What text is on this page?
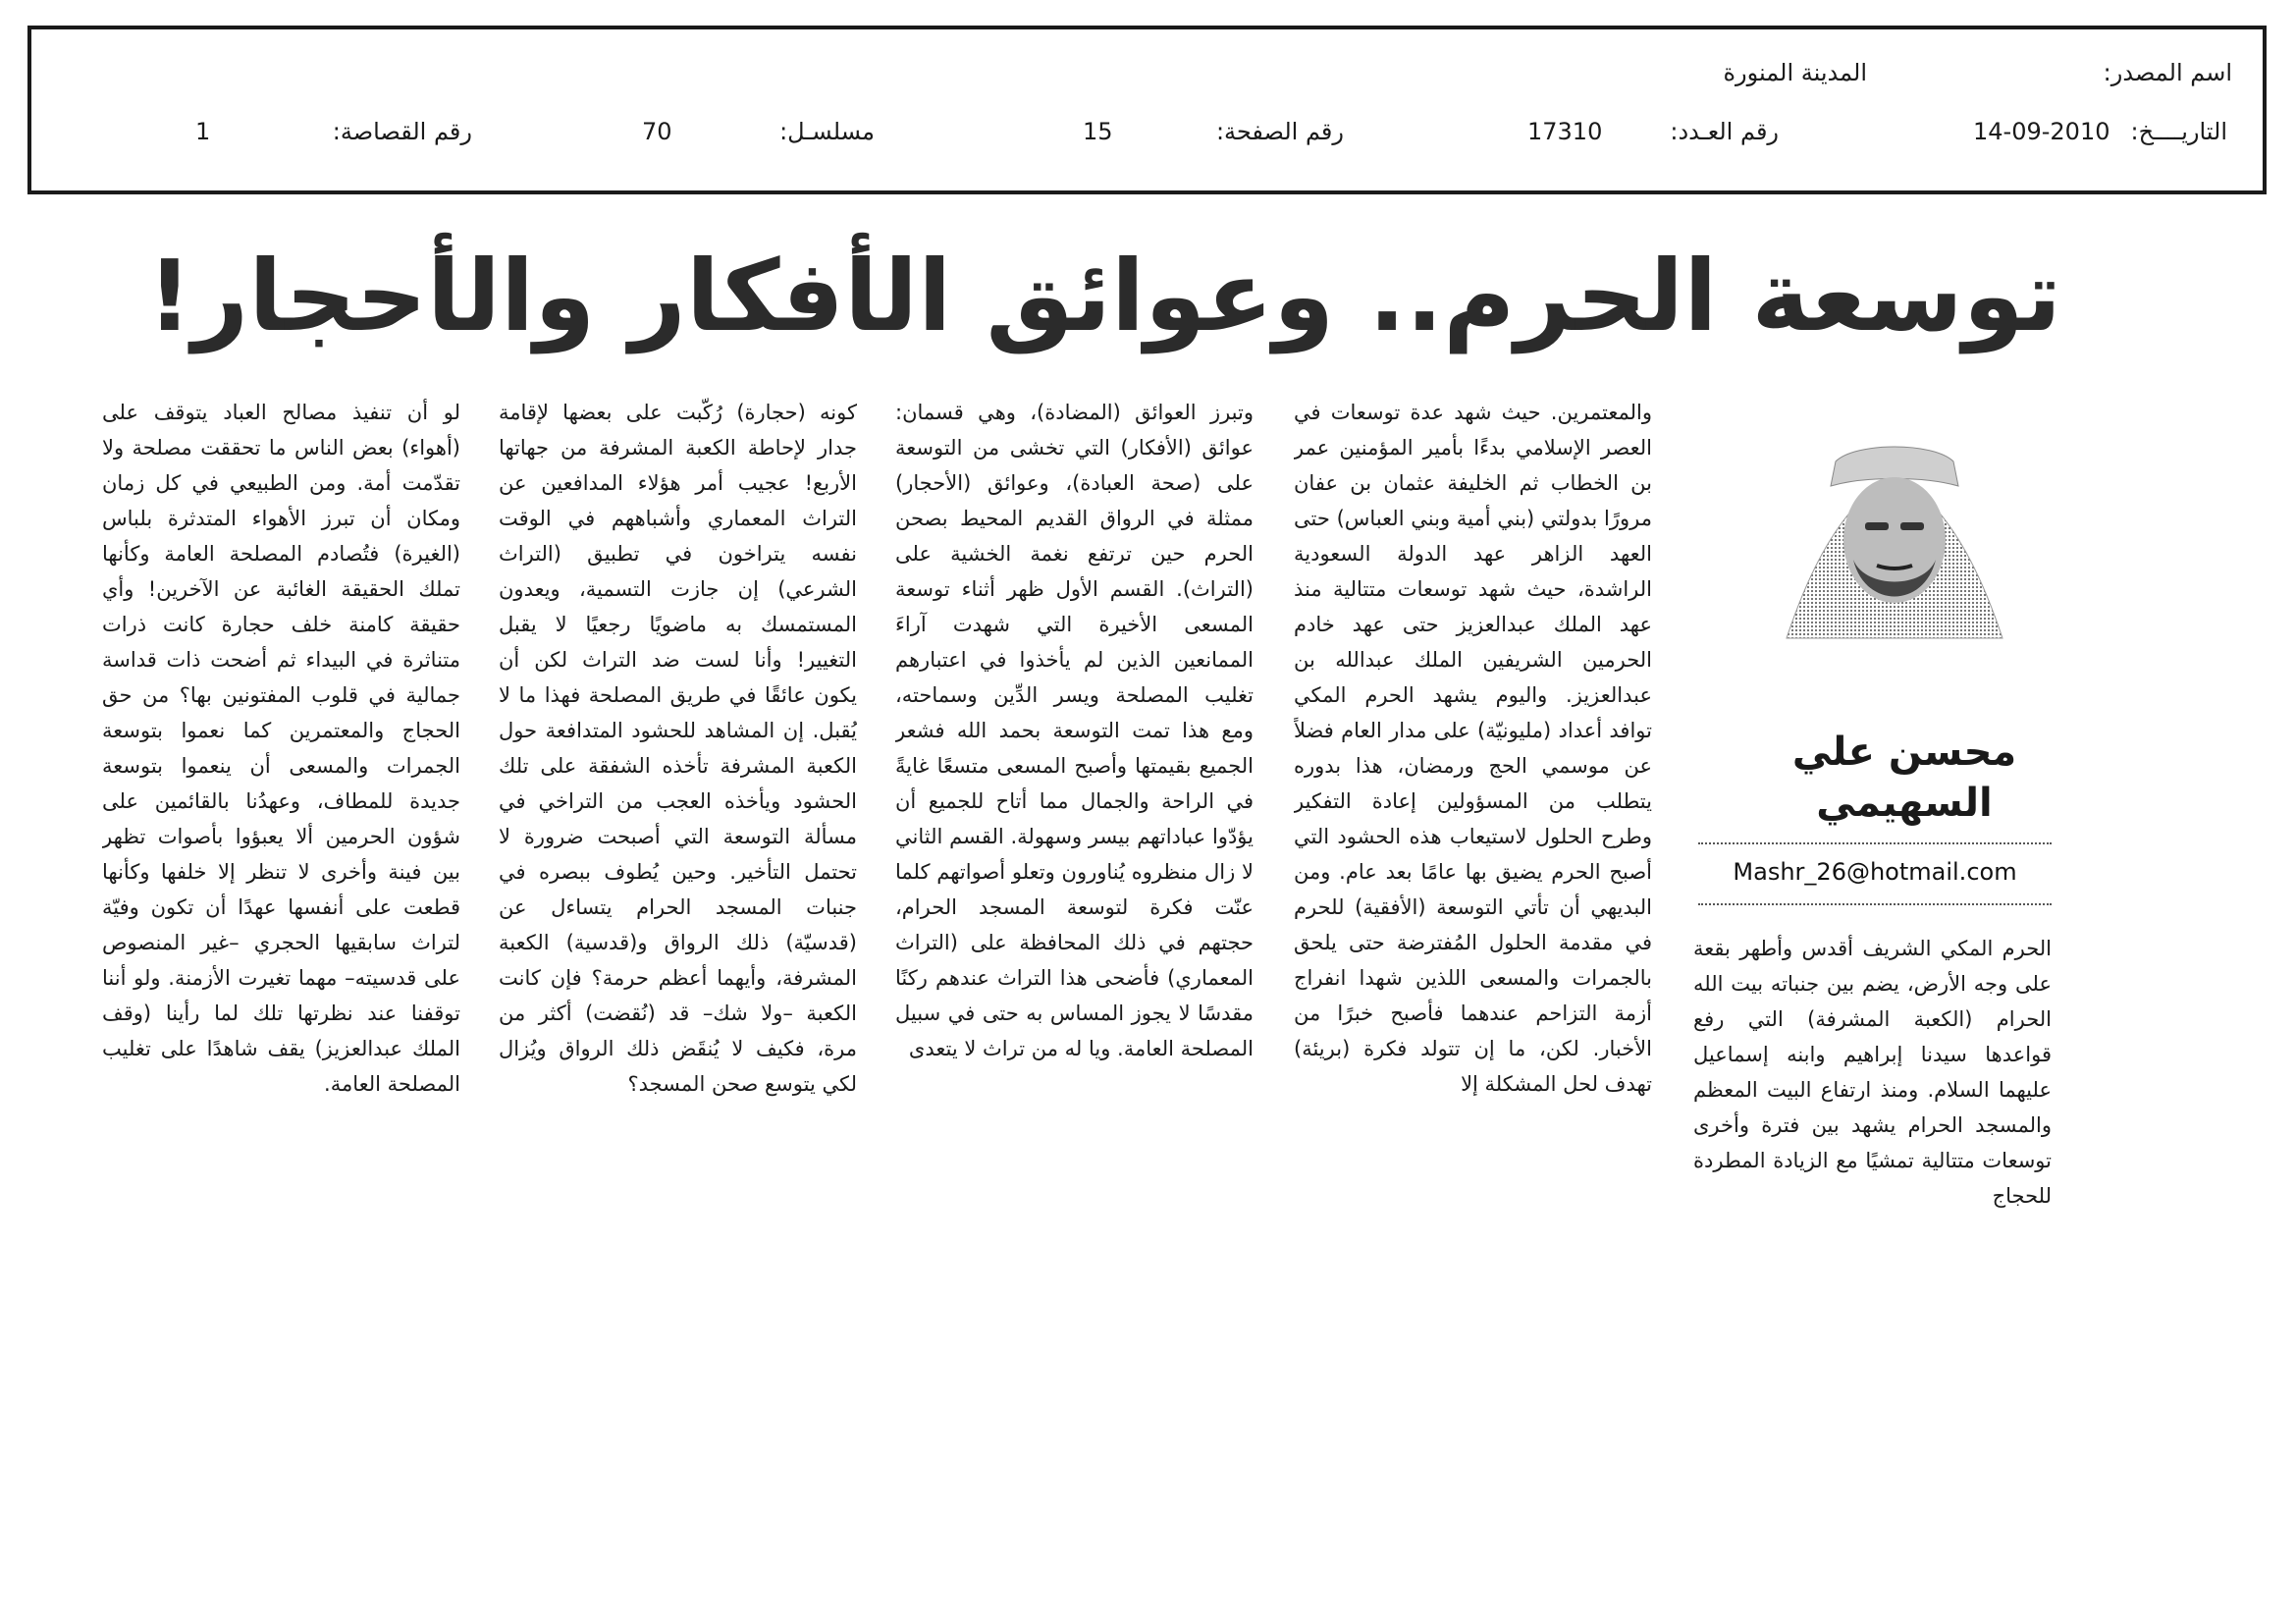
اسم المصدر:
المدينة المنورة
التاريــــخ:
14-09-2010
رقم العـدد:
17310
رقم الصفحة:
15
مسلسـل:
70
رقم القصاصة:
1
توسعة الحرم.. وعوائق الأفكار والأحجار!
محسن علي
السهيمي
Mashr_26@hotmail.com

الحرم المكي الشريف أقدس وأطهر بقعة على وجه الأرض، يضم بين جنباته بيت الله الحرام (الكعبة المشرفة) التي رفع قواعدها سيدنا إبراهيم وابنه إسماعيل عليهما السلام. ومنذ ارتفاع البيت المعظم والمسجد الحرام يشهد بين فترة وأخرى توسعات متتالية تمشيًا مع الزيادة المطردة للحجاج

والمعتمرين. حيث شهد عدة توسعات في العصر الإسلامي بدءًا بأمير المؤمنين عمر بن الخطاب ثم الخليفة عثمان بن عفان مرورًا بدولتي (بني أمية وبني العباس) حتى العهد الزاهر عهد الدولة السعودية الراشدة، حيث شهد توسعات متتالية منذ عهد الملك عبدالعزيز حتى عهد خادم الحرمين الشريفين الملك عبدالله بن عبدالعزيز. واليوم يشهد الحرم المكي توافد أعداد (مليونيّة) على مدار العام فضلاً عن موسمي الحج ورمضان، هذا بدوره يتطلب من المسؤولين إعادة التفكير وطرح الحلول لاستيعاب هذه الحشود التي أصبح الحرم يضيق بها عامًا بعد عام. ومن البديهي أن تأتي التوسعة (الأفقية) للحرم في مقدمة الحلول المُفترضة حتى يلحق بالجمرات والمسعى اللذين شهدا انفراج أزمة التزاحم عندهما فأصبح خبرًا من الأخبار. لكن، ما إن تتولد فكرة (بريئة) تهدف لحل المشكلة إلا

وتبرز العوائق (المضادة)، وهي قسمان: عوائق (الأفكار) التي تخشى من التوسعة على (صحة العبادة)، وعوائق (الأحجار) ممثلة في الرواق القديم المحيط بصحن الحرم حين ترتفع نغمة الخشية على (التراث). القسم الأول ظهر أثناء توسعة المسعى الأخيرة التي شهدت آراءَ الممانعين الذين لم يأخذوا في اعتبارهم تغليب المصلحة ويسر الدِّين وسماحته، ومع هذا تمت التوسعة بحمد الله فشعر الجميع بقيمتها وأصبح المسعى متسعًا غايةً في الراحة والجمال مما أتاح للجميع أن يؤدّوا عباداتهم بيسر وسهولة. القسم الثاني لا زال منظروه يُناورون وتعلو أصواتهم كلما عنّت فكرة لتوسعة المسجد الحرام، حجتهم في ذلك المحافظة على (التراث المعماري) فأضحى هذا التراث عندهم ركنًا مقدسًا لا يجوز المساس به حتى في سبيل المصلحة العامة. ويا له من تراث لا يتعدى

كونه (حجارة) رُكّبت على بعضها لإقامة جدار لإحاطة الكعبة المشرفة من جهاتها الأربع! عجيب أمر هؤلاء المدافعين عن التراث المعماري وأشباههم في الوقت نفسه يتراخون في تطبيق (التراث الشرعي) إن جازت التسمية، ويعدون المستمسك به ماضويًا رجعيًا لا يقبل التغيير! وأنا لست ضد التراث لكن أن يكون عائقًا في طريق المصلحة فهذا ما لا يُقبل. إن المشاهد للحشود المتدافعة حول الكعبة المشرفة تأخذه الشفقة على تلك الحشود ويأخذه العجب من التراخي في مسألة التوسعة التي أصبحت ضرورة لا تحتمل التأخير. وحين يُطوف ببصره في جنبات المسجد الحرام يتساءل عن (قدسيّة) ذلك الرواق و(قدسية) الكعبة المشرفة، وأيهما أعظم حرمة؟ فإن كانت الكعبة –ولا شك– قد (نُقضت) أكثر من مرة، فكيف لا يُنقَض ذلك الرواق ويُزال لكي يتوسع صحن المسجد؟

لو أن تنفيذ مصالح العباد يتوقف على (أهواء) بعض الناس ما تحققت مصلحة ولا تقدّمت أمة. ومن الطبيعي في كل زمان ومكان أن تبرز الأهواء المتدثرة بلباس (الغيرة) فتُصادم المصلحة العامة وكأنها تملك الحقيقة الغائبة عن الآخرين! وأي حقيقة كامنة خلف حجارة كانت ذرات متناثرة في البيداء ثم أضحت ذات قداسة جمالية في قلوب المفتونين بها؟ من حق الحجاج والمعتمرين كما نعموا بتوسعة الجمرات والمسعى أن ينعموا بتوسعة جديدة للمطاف، وعهدُنا بالقائمين على شؤون الحرمين ألا يعبؤوا بأصوات تظهر بين فينة وأخرى لا تنظر إلا خلفها وكأنها قطعت على أنفسها عهدًا أن تكون وفيّة لتراث سابقيها الحجري –غير المنصوص على قدسيته– مهما تغيرت الأزمنة. ولو أننا توقفنا عند نظرتها تلك لما رأينا (وقف الملك عبدالعزيز) يقف شاهدًا على تغليب المصلحة العامة.
